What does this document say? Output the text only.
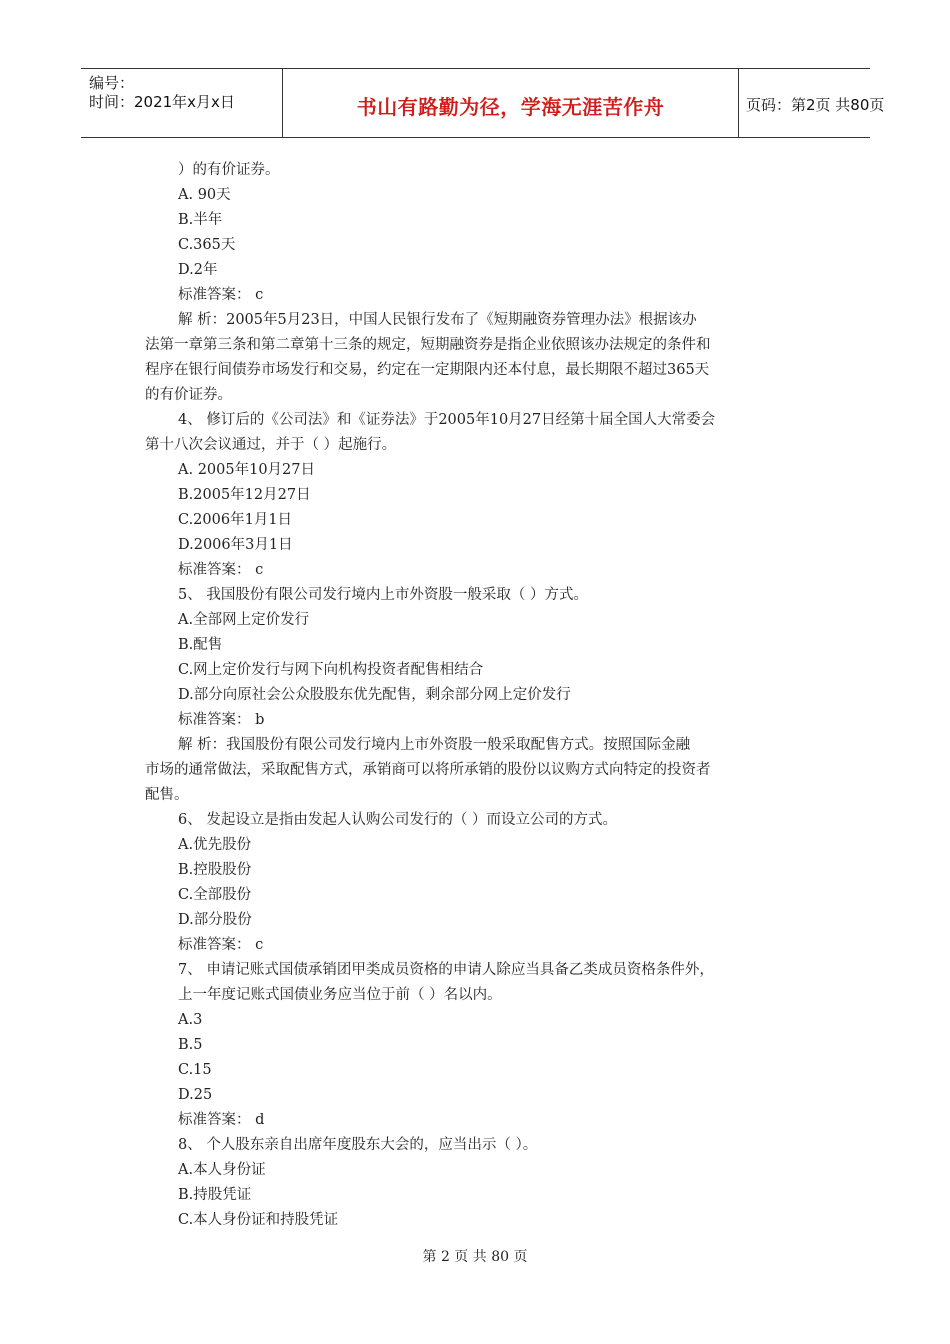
编号：
时间：2021年x月x日	书山有路勤为径，学海无涯苦作舟	页码：第2页 共80页
）的有价证券。
A. 90天
B.半年
C.365天
D.2年
标准答案： c
解 析：2005年5月23日，中国人民银行发布了《短期融资券管理办法》根据该办
法第一章第三条和第二章第十三条的规定，短期融资券是指企业依照该办法规定的条件和
程序在银行间债券市场发行和交易，约定在一定期限内还本付息，最长期限不超过365天
的有价证券。
4、 修订后的《公司法》和《证券法》于2005年10月27日经第十届全国人大常委会
第十八次会议通过，并于（ ）起施行。
A. 2005年10月27日
B.2005年12月27日
C.2006年1月1日
D.2006年3月1日
标准答案： c
5、 我国股份有限公司发行境内上市外资股一般采取（ ）方式。
A.全部网上定价发行
B.配售
C.网上定价发行与网下向机构投资者配售相结合
D.部分向原社会公众股股东优先配售，剩余部分网上定价发行
标准答案： b
解 析：我国股份有限公司发行境内上市外资股一般采取配售方式。按照国际金融
市场的通常做法，采取配售方式，承销商可以将所承销的股份以议购方式向特定的投资者
配售。
6、 发起设立是指由发起人认购公司发行的（ ）而设立公司的方式。
A.优先股份
B.控股股份
C.全部股份
D.部分股份
标准答案： c
7、 申请记账式国债承销团甲类成员资格的申请人除应当具备乙类成员资格条件外，
上一年度记账式国债业务应当位于前（ ）名以内。
A.3
B.5
C.15
D.25
标准答案： d
8、 个人股东亲自出席年度股东大会的，应当出示（ ）。
A.本人身份证
B.持股凭证
C.本人身份证和持股凭证
第 2 页 共 80 页
